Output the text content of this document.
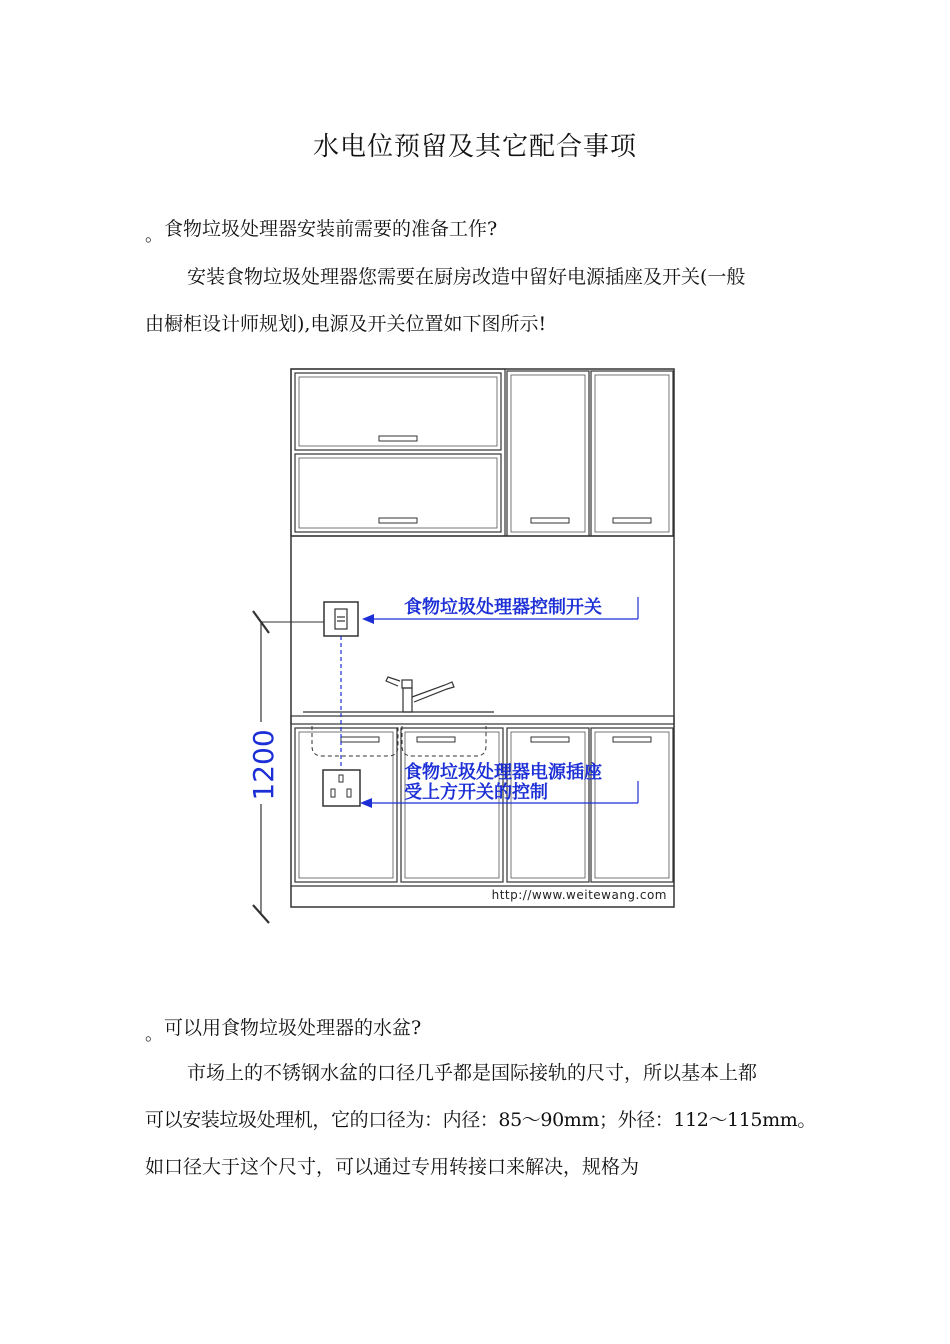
水电位预留及其它配合事项
。食物垃圾处理器安装前需要的准备工作?
安装食物垃圾处理器您需要在厨房改造中留好电源插座及开关(一般
由橱柜设计师规划),电源及开关位置如下图所示!
1200
食物垃圾处理器控制开关
食物垃圾处理器电源插座
受上方开关的控制
http://www.weitewang.com
。可以用食物垃圾处理器的水盆?
市场上的不锈钢水盆的口径几乎都是国际接轨的尺寸，所以基本上都
可以安装垃圾处理机，它的口径为：内径：85～90mm；外径：112～115mm。
如口径大于这个尺寸，可以通过专用转接口来解决，规格为
